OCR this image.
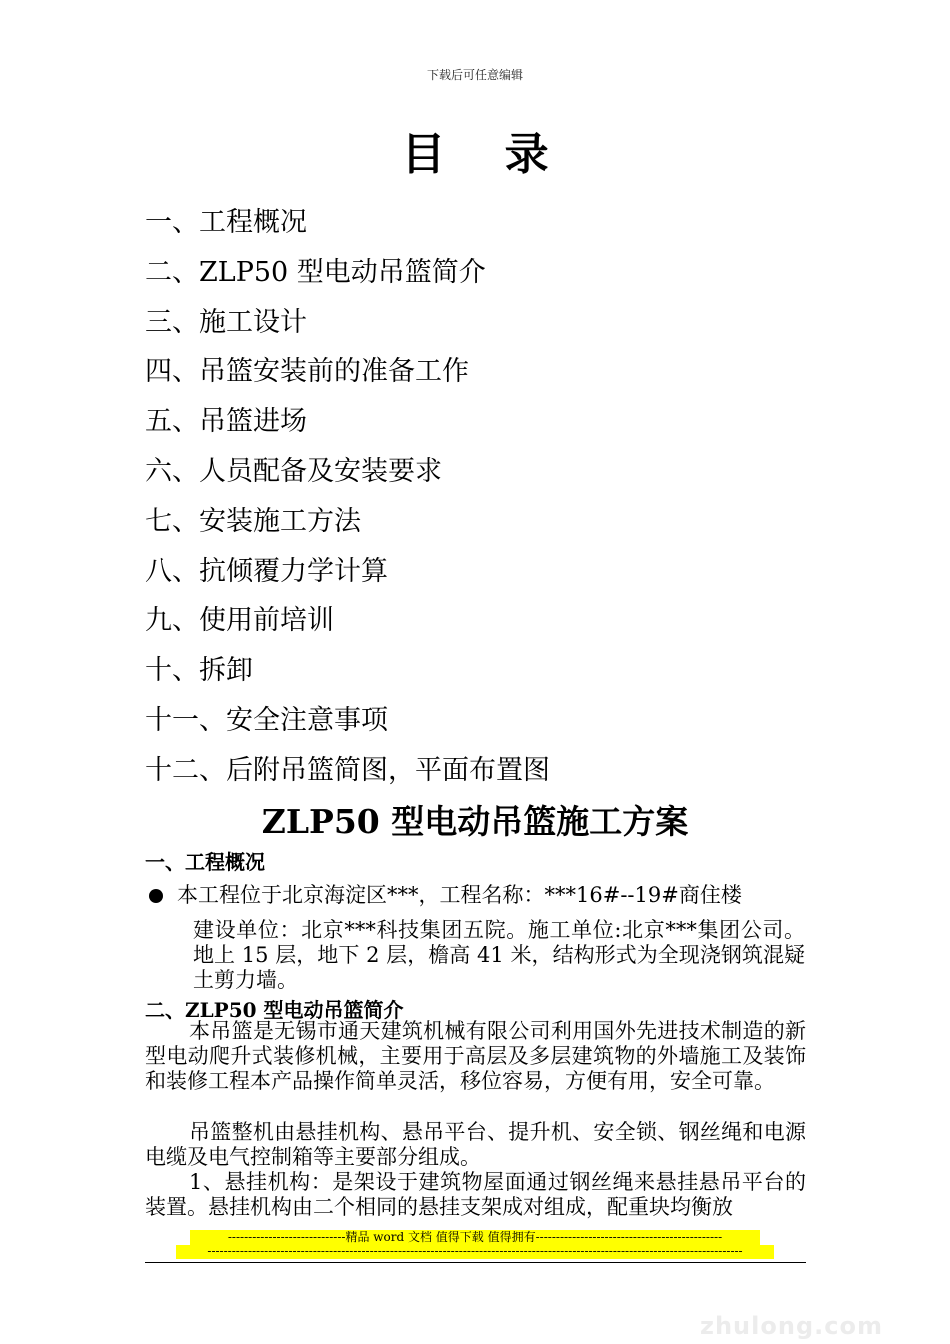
下载后可任意编辑
目 录
一、工程概况
二、ZLP50 型电动吊篮简介
三、施工设计
四、吊篮安装前的准备工作
五、吊篮进场
六、人员配备及安装要求
七、安装施工方法
八、抗倾覆力学计算
九、使用前培训
十、拆卸
十一、安全注意事项
十二、后附吊篮简图，平面布置图
ZLP50 型电动吊篮施工方案
一、工程概况
本工程位于北京海淀区***，工程名称：***16#--19#商住楼
建设单位：北京***科技集团五院。施工单位:北京***集团公司。地上 15 层，地下 2 层，檐高 41 米，结构形式为全现浇钢筑混疑土剪力墙。
二、ZLP50 型电动吊篮简介
本吊篮是无锡市通天建筑机械有限公司利用国外先进技术制造的新型电动爬升式装修机械，主要用于高层及多层建筑物的外墙施工及装饰和装修工程本产品操作简单灵活，移位容易，方便有用，安全可靠。
吊篮整机由悬挂机构、悬吊平台、提升机、安全锁、钢丝绳和电源电缆及电气控制箱等主要部分组成。
1、悬挂机构：是架设于建筑物屋面通过钢丝绳来悬挂悬吊平台的装置。悬挂机构由二个相同的悬挂支架成对组成，配重块均衡放
-----------------------------精品 word 文档 值得下载 值得拥有----------------------------------------------
------------------------------------------------------------------------------------------------------------------------------------
zhulong.com
